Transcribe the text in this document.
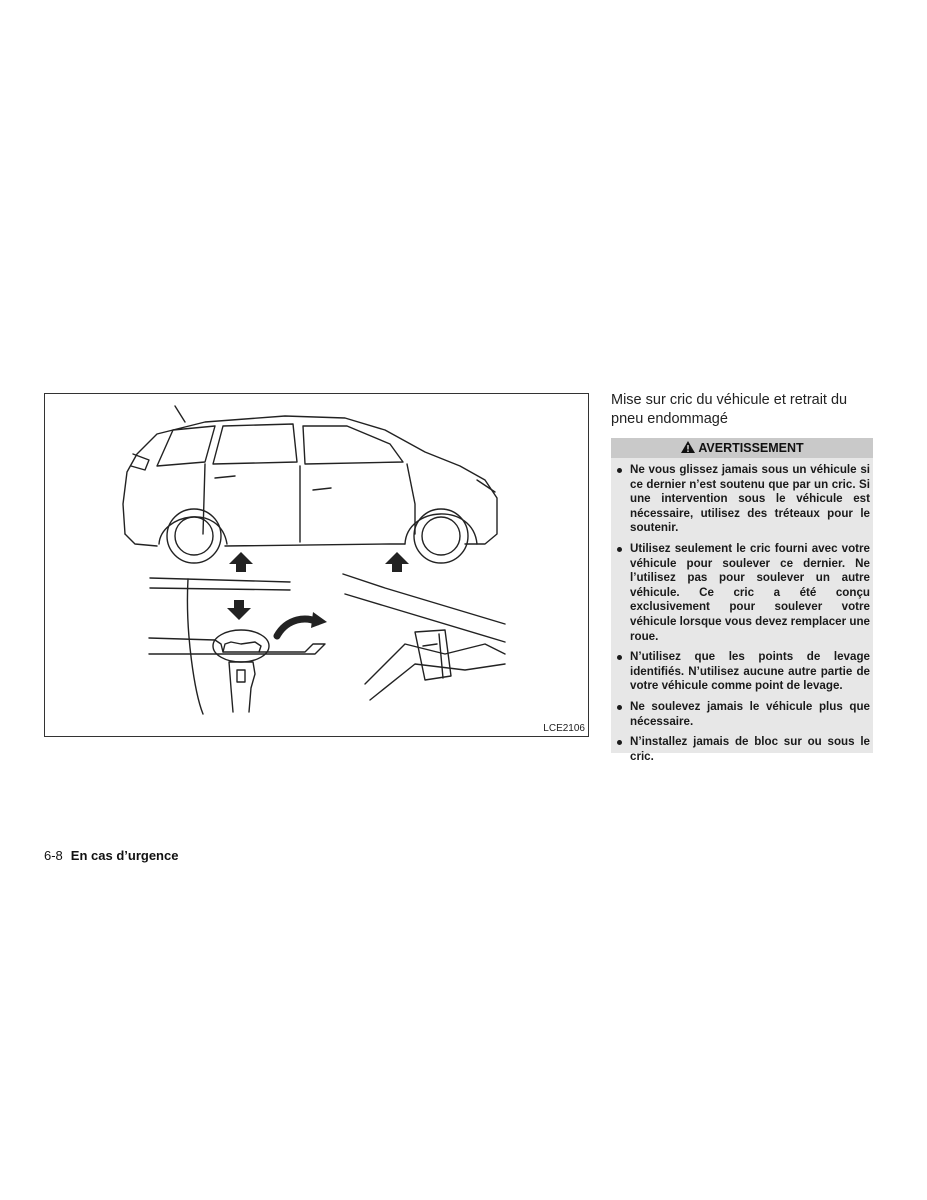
LCE2106
Mise sur cric du véhicule et retrait du pneu endommagé
AVERTISSEMENT
Ne vous glissez jamais sous un véhicule si ce dernier n’est soutenu que par un cric. Si une intervention sous le véhicule est nécessaire, utilisez des tréteaux pour le soutenir.
Utilisez seulement le cric fourni avec votre véhicule pour soulever ce dernier. Ne l’utilisez pas pour soulever un autre véhicule. Ce cric a été conçu exclusivement pour soulever votre véhicule lorsque vous devez remplacer une roue.
N’utilisez que les points de levage identifiés. N’utilisez aucune autre partie de votre véhicule comme point de levage.
Ne soulevez jamais le véhicule plus que nécessaire.
N’installez jamais de bloc sur ou sous le cric.
6-8 En cas d’urgence
